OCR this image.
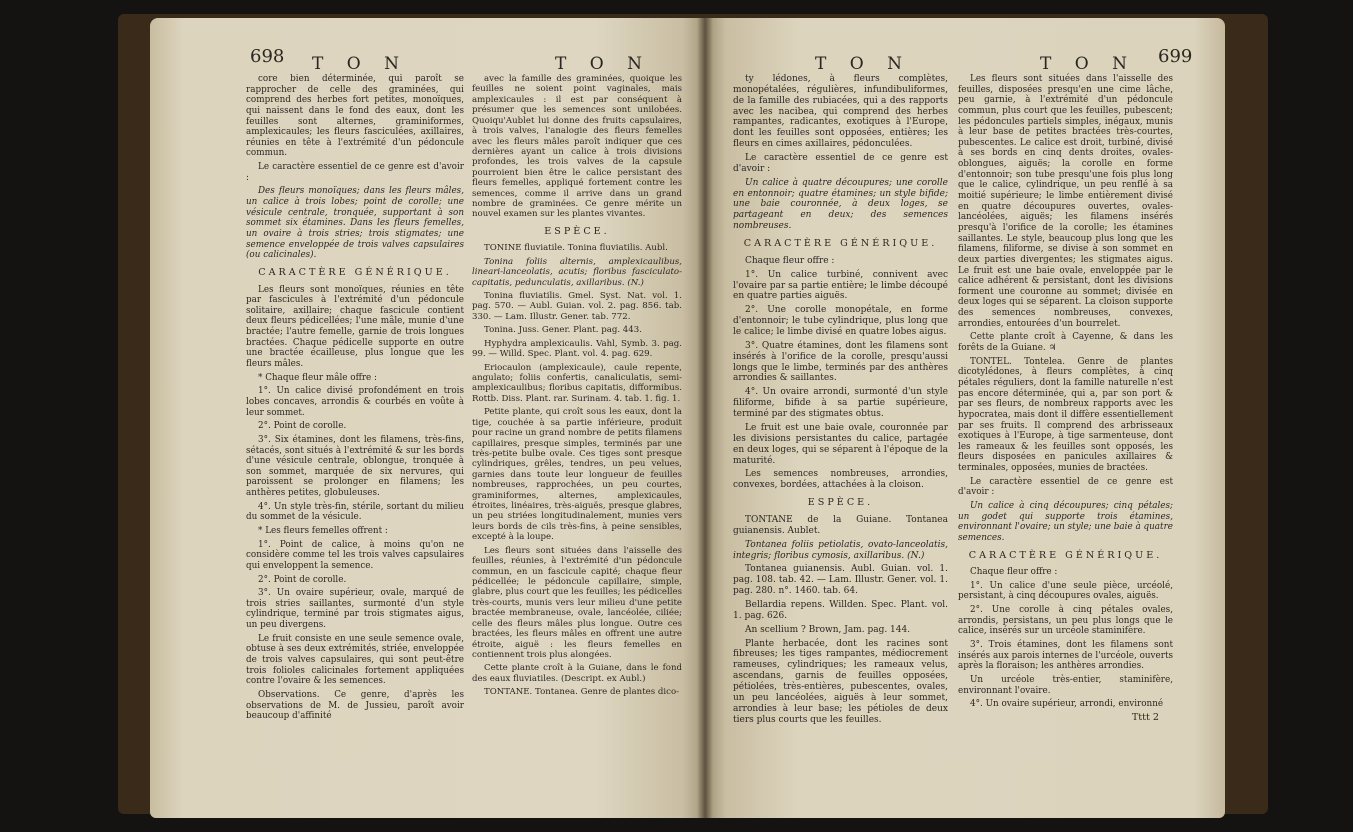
698 T O N	T O N	T O N	T O N 699

core bien déterminée, qui paroît se rapprocher de celle des graminées, qui comprend des herbes fort petites, monoïques, qui naissent dans le fond des eaux, dont les feuilles sont alternes, graminiformes, amplexicaules; les fleurs fasciculées, axillaires, réunies en tête à l'extrémité d'un pédoncule commun.

Le caractère essentiel de ce genre est d'avoir :

Des fleurs monoïques; dans les fleurs mâles, un calice à trois lobes; point de corolle; une vésicule centrale, tronquée, supportant à son sommet six étamines. Dans les fleurs femelles, un ovaire à trois stries; trois stigmates; une semence enveloppée de trois valves capsulaires (ou calicinales).

CARACTÈRE GÉNÉRIQUE.

Les fleurs sont monoïques, réunies en tête par fascicules à l'extrémité d'un pédoncule solitaire, axillaire; chaque fascicule contient deux fleurs pédicellées; l'une mâle, munie d'une bractée; l'autre femelle, garnie de trois longues bractées. Chaque pédicelle supporte en outre une bractée écailleuse, plus longue que les fleurs mâles.

* Chaque fleur mâle offre :

1°. Un calice divisé profondément en trois lobes concaves, arrondis & courbés en voûte à leur sommet.

2°. Point de corolle.

3°. Six étamines, dont les filamens, très-fins, sétacés, sont situés à l'extrémité & sur les bords d'une vésicule centrale, oblongue, tronquée à son sommet, marquée de six nervures, qui paroissent se prolonger en filamens; les anthères petites, globuleuses.

4°. Un style très-fin, stérile, sortant du milieu du sommet de la vésicule.

* Les fleurs femelles offrent :

1°. Point de calice, à moins qu'on ne considère comme tel les trois valves capsulaires qui enveloppent la semence.

2°. Point de corolle.

3°. Un ovaire supérieur, ovale, marqué de trois stries saillantes, surmonté d'un style cylindrique, terminé par trois stigmates aigus, un peu divergens.

Le fruit consiste en une seule semence ovale, obtuse à ses deux extrémités, striée, enveloppée de trois valves capsulaires, qui sont peut-être trois folioles calicinales fortement appliquées contre l'ovaire & les semences.

Observations. Ce genre, d'après les observations de M. de Jussieu, paroît avoir beaucoup d'affinité

avec la famille des graminées, quoique les feuilles ne soient point vaginales, mais amplexicaules : il est par conséquent à présumer que les semences sont unilobées. Quoiqu'Aublet lui donne des fruits capsulaires, à trois valves, l'analogie des fleurs femelles avec les fleurs mâles paroît indiquer que ces dernières ayant un calice à trois divisions profondes, les trois valves de la capsule pourroient bien être le calice persistant des fleurs femelles, appliqué fortement contre les semences, comme il arrive dans un grand nombre de graminées. Ce genre mérite un nouvel examen sur les plantes vivantes.

ESPÈCE.

TONINE fluviatile. Tonina fluviatilis. Aubl.

Tonina foliis alternis, amplexicaulibus, lineari-lanceolatis, acutis; floribus fasciculato-capitatis, pedunculatis, axillaribus. (N.)

Tonina fluviatilis. Gmel. Syst. Nat. vol. 1. pag. 570. — Aubl. Guian. vol. 2. pag. 856. tab. 330. — Lam. Illustr. Gener. tab. 772.

Tonina. Juss. Gener. Plant. pag. 443.

Hyphydra amplexicaulis. Vahl, Symb. 3. pag. 99. — Willd. Spec. Plant. vol. 4. pag. 629.

Eriocaulon (amplexicaule), caule repente, angulato; foliis confertis, canaliculatis, semi-amplexicaulibus; floribus capitatis, difformibus. Rottb. Diss. Plant. rar. Surinam. 4. tab. 1. fig. 1.

Petite plante, qui croît sous les eaux, dont la tige, couchée à sa partie inférieure, produit pour racine un grand nombre de petits filamens capillaires, presque simples, terminés par une très-petite bulbe ovale. Ces tiges sont presque cylindriques, grêles, tendres, un peu velues, garnies dans toute leur longueur de feuilles nombreuses, rapprochées, un peu courtes, graminiformes, alternes, amplexicaules, étroites, linéaires, très-aiguës, presque glabres, un peu striées longitudinalement, munies vers leurs bords de cils très-fins, à peine sensibles, excepté à la loupe.

Les fleurs sont situées dans l'aisselle des feuilles, réunies, à l'extrémité d'un pédoncule commun, en un fascicule capité; chaque fleur pédicellée; le pédoncule capillaire, simple, glabre, plus court que les feuilles; les pédicelles très-courts, munis vers leur milieu d'une petite bractée membraneuse, ovale, lancéolée, ciliée; celle des fleurs mâles plus longue. Outre ces bractées, les fleurs mâles en offrent une autre étroite, aiguë : les fleurs femelles en contiennent trois plus alongées.

Cette plante croît à la Guiane, dans le fond des eaux fluviatiles. (Descript. ex Aubl.)

TONTANE. Tontanea. Genre de plantes dico-

ty lédones, à fleurs complètes, monopétalées, régulières, infundibuliformes, de la famille des rubiacées, qui a des rapports avec les nacibea, qui comprend des herbes rampantes, radicantes, exotiques à l'Europe, dont les feuilles sont opposées, entières; les fleurs en cimes axillaires, pédonculées.

Le caractère essentiel de ce genre est d'avoir :

Un calice à quatre découpures; une corolle en entonnoir; quatre étamines; un style bifide; une baie couronnée, à deux loges, se partageant en deux; des semences nombreuses.

CARACTÈRE GÉNÉRIQUE.

Chaque fleur offre :

1°. Un calice turbiné, connivent avec l'ovaire par sa partie entière; le limbe découpé en quatre parties aiguës.

2°. Une corolle monopétale, en forme d'entonnoir; le tube cylindrique, plus long que le calice; le limbe divisé en quatre lobes aigus.

3°. Quatre étamines, dont les filamens sont insérés à l'orifice de la corolle, presqu'aussi longs que le limbe, terminés par des anthères arrondies & saillantes.

4°. Un ovaire arrondi, surmonté d'un style filiforme, bifide à sa partie supérieure, terminé par des stigmates obtus.

Le fruit est une baie ovale, couronnée par les divisions persistantes du calice, partagée en deux loges, qui se séparent à l'époque de la maturité.

Les semences nombreuses, arrondies, convexes, bordées, attachées à la cloison.

ESPÈCE.

TONTANE de la Guiane. Tontanea guianensis. Aublet.

Tontanea foliis petiolatis, ovato-lanceolatis, integris; floribus cymosis, axillaribus. (N.)

Tontanea guianensis. Aubl. Guian. vol. 1. pag. 108. tab. 42. — Lam. Illustr. Gener. vol. 1. pag. 280. n°. 1460. tab. 64.

Bellardia repens. Willden. Spec. Plant. vol. 1. pag. 626.

An scellium ? Brown, Jam. pag. 144.

Plante herbacée, dont les racines sont fibreuses; les tiges rampantes, médiocrement rameuses, cylindriques; les rameaux velus, ascendans, garnis de feuilles opposées, pétiolées, très-entières, pubescentes, ovales, un peu lancéolées, aiguës à leur sommet, arrondies à leur base; les pétioles de deux tiers plus courts que les feuilles.

Les fleurs sont situées dans l'aisselle des feuilles, disposées presqu'en une cime lâche, peu garnie, à l'extrémité d'un pédoncule commun, plus court que les feuilles, pubescent; les pédoncules partiels simples, inégaux, munis à leur base de petites bractées très-courtes, pubescentes. Le calice est droit, turbiné, divisé à ses bords en cinq dents droites, ovales-oblongues, aiguës; la corolle en forme d'entonnoir; son tube presqu'une fois plus long que le calice, cylindrique, un peu renflé à sa moitié supérieure; le limbe entièrement divisé en quatre découpures ouvertes, ovales-lancéolées, aiguës; les filamens insérés presqu'à l'orifice de la corolle; les étamines saillantes. Le style, beaucoup plus long que les filamens, filiforme, se divise à son sommet en deux parties divergentes; les stigmates aigus. Le fruit est une baie ovale, enveloppée par le calice adhérent & persistant, dont les divisions forment une couronne au sommet; divisée en deux loges qui se séparent. La cloison supporte des semences nombreuses, convexes, arrondies, entourées d'un bourrelet.

Cette plante croît à Cayenne, & dans les forêts de la Guiane. ♃

TONTEL. Tontelea. Genre de plantes dicotylédones, à fleurs complètes, à cinq pétales réguliers, dont la famille naturelle n'est pas encore déterminée, qui a, par son port & par ses fleurs, de nombreux rapports avec les hypocratea, mais dont il diffère essentiellement par ses fruits. Il comprend des arbrisseaux exotiques à l'Europe, à tige sarmenteuse, dont les rameaux & les feuilles sont opposés, les fleurs disposées en panicules axillaires & terminales, opposées, munies de bractées.

Le caractère essentiel de ce genre est d'avoir :

Un calice à cinq découpures; cinq pétales; un godet qui supporte trois étamines, environnant l'ovaire; un style; une baie à quatre semences.

CARACTÈRE GÉNÉRIQUE.

Chaque fleur offre :

1°. Un calice d'une seule pièce, urcéolé, persistant, à cinq découpures ovales, aiguës.

2°. Une corolle à cinq pétales ovales, arrondis, persistans, un peu plus longs que le calice, insérés sur un urcéole staminifère.

3°. Trois étamines, dont les filamens sont insérés aux parois internes de l'urcéole, ouverts après la floraison; les anthères arrondies.

Un urcéole très-entier, staminifère, environnant l'ovaire.

4°. Un ovaire supérieur, arrondi, environné

Tttt 2
